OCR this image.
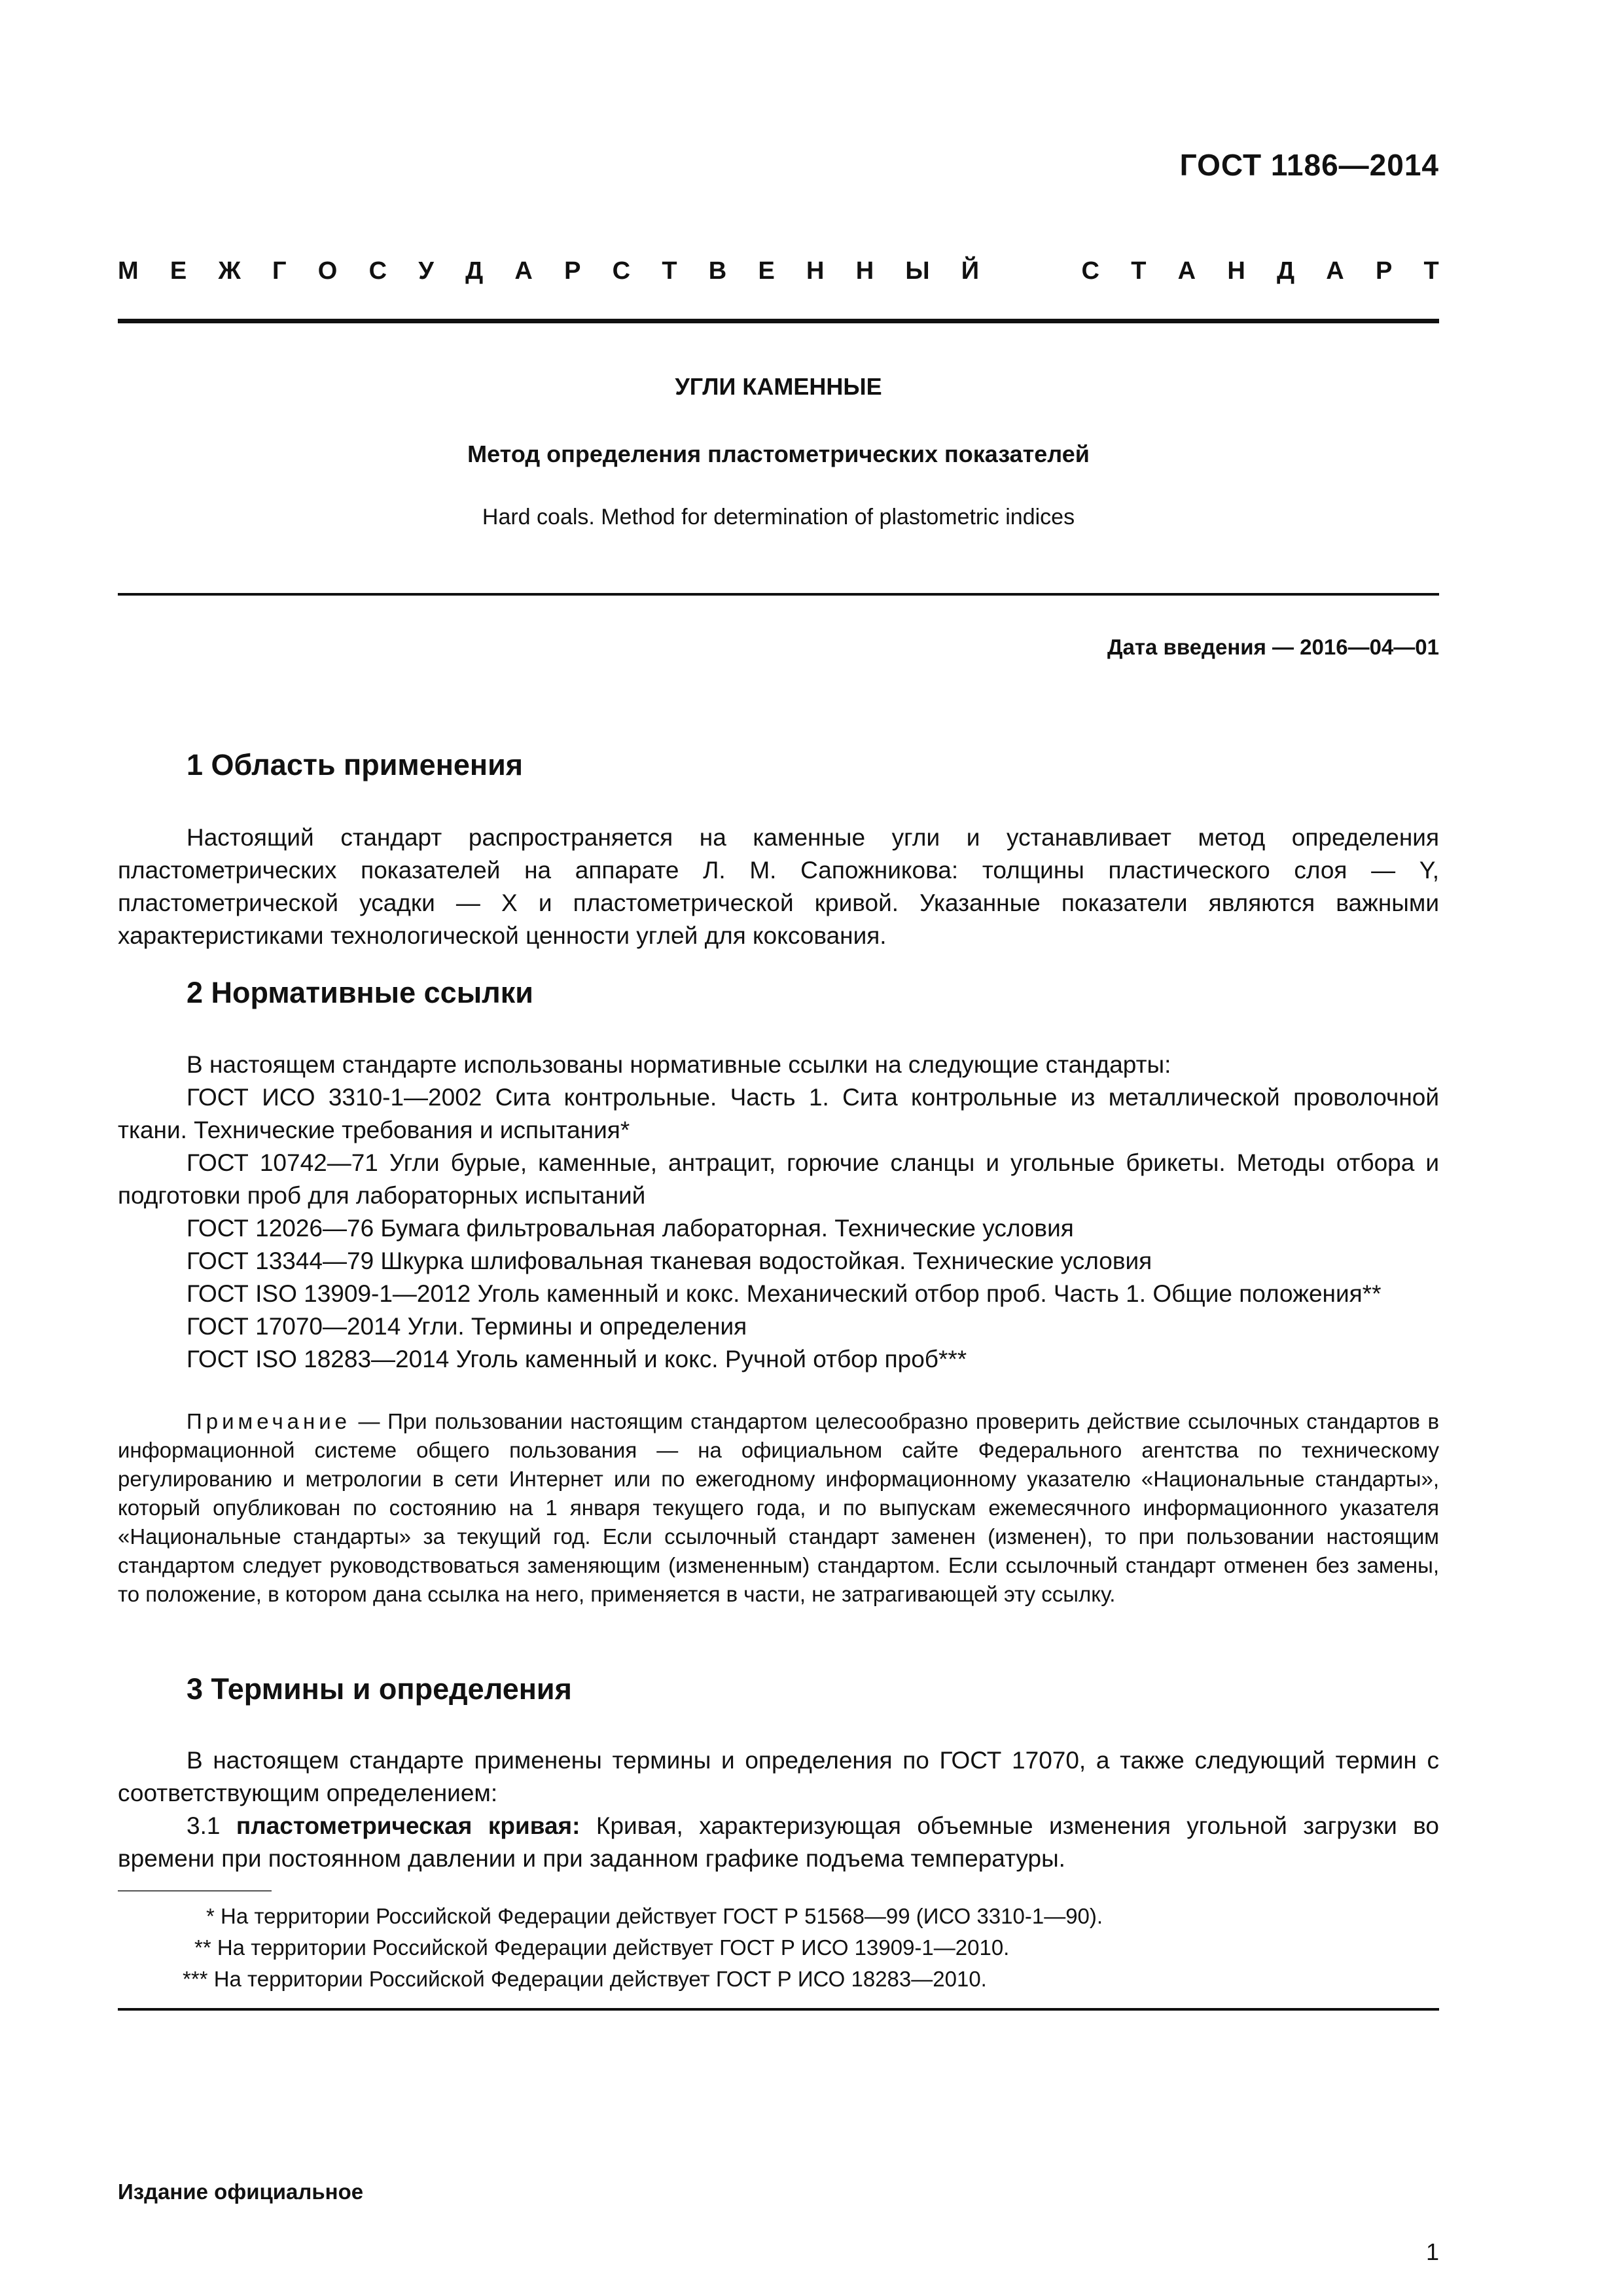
ГОСТ 1186—2014
М Е Ж Г О С У Д А Р С Т В Е Н Н Ы Й	С Т А Н Д А Р Т
УГЛИ КАМЕННЫЕ
Метод определения пластометрических показателей
Hard coals. Method for determination of plastometric indices
Дата введения — 2016—04—01
1 Область применения

Настоящий стандарт распространяется на каменные угли и устанавливает метод определения пластометрических показателей на аппарате Л. М. Сапожникова: толщины пластического слоя — Y, пластометрической усадки — X и пластометрической кривой. Указанные показатели являются важными характеристиками технологической ценности углей для коксования.

2 Нормативные ссылки

В настоящем стандарте использованы нормативные ссылки на следующие стандарты:

ГОСТ ИСО 3310-1—2002 Сита контрольные. Часть 1. Сита контрольные из металлической проволочной ткани. Технические требования и испытания*

ГОСТ 10742—71 Угли бурые, каменные, антрацит, горючие сланцы и угольные брикеты. Методы отбора и подготовки проб для лабораторных испытаний

ГОСТ 12026—76 Бумага фильтровальная лабораторная. Технические условия

ГОСТ 13344—79 Шкурка шлифовальная тканевая водостойкая. Технические условия

ГОСТ ISO 13909-1—2012 Уголь каменный и кокс. Механический отбор проб. Часть 1. Общие положения**

ГОСТ 17070—2014 Угли. Термины и определения

ГОСТ ISO 18283—2014 Уголь каменный и кокс. Ручной отбор проб***

Примечание — При пользовании настоящим стандартом целесообразно проверить действие ссылочных стандартов в информационной системе общего пользования — на официальном сайте Федерального агентства по техническому регулированию и метрологии в сети Интернет или по ежегодному информационному указателю «Национальные стандарты», который опубликован по состоянию на 1 января текущего года, и по выпускам ежемесячного информационного указателя «Национальные стандарты» за текущий год. Если ссылочный стандарт заменен (изменен), то при пользовании настоящим стандартом следует руководствоваться заменяющим (измененным) стандартом. Если ссылочный стандарт отменен без замены, то положение, в котором дана ссылка на него, применяется в части, не затрагивающей эту ссылку.

3 Термины и определения

В настоящем стандарте применены термины и определения по ГОСТ 17070, а также следующий термин с соответствующим определением:

3.1 пластометрическая кривая: Кривая, характеризующая объемные изменения угольной загрузки во времени при постоянном давлении и при заданном графике подъема температуры.

* На территории Российской Федерации действует ГОСТ Р 51568—99 (ИСО 3310-1—90).
** На территории Российской Федерации действует ГОСТ Р ИСО 13909-1—2010.
*** На территории Российской Федерации действует ГОСТ Р ИСО 18283—2010.
Издание официальное
1
